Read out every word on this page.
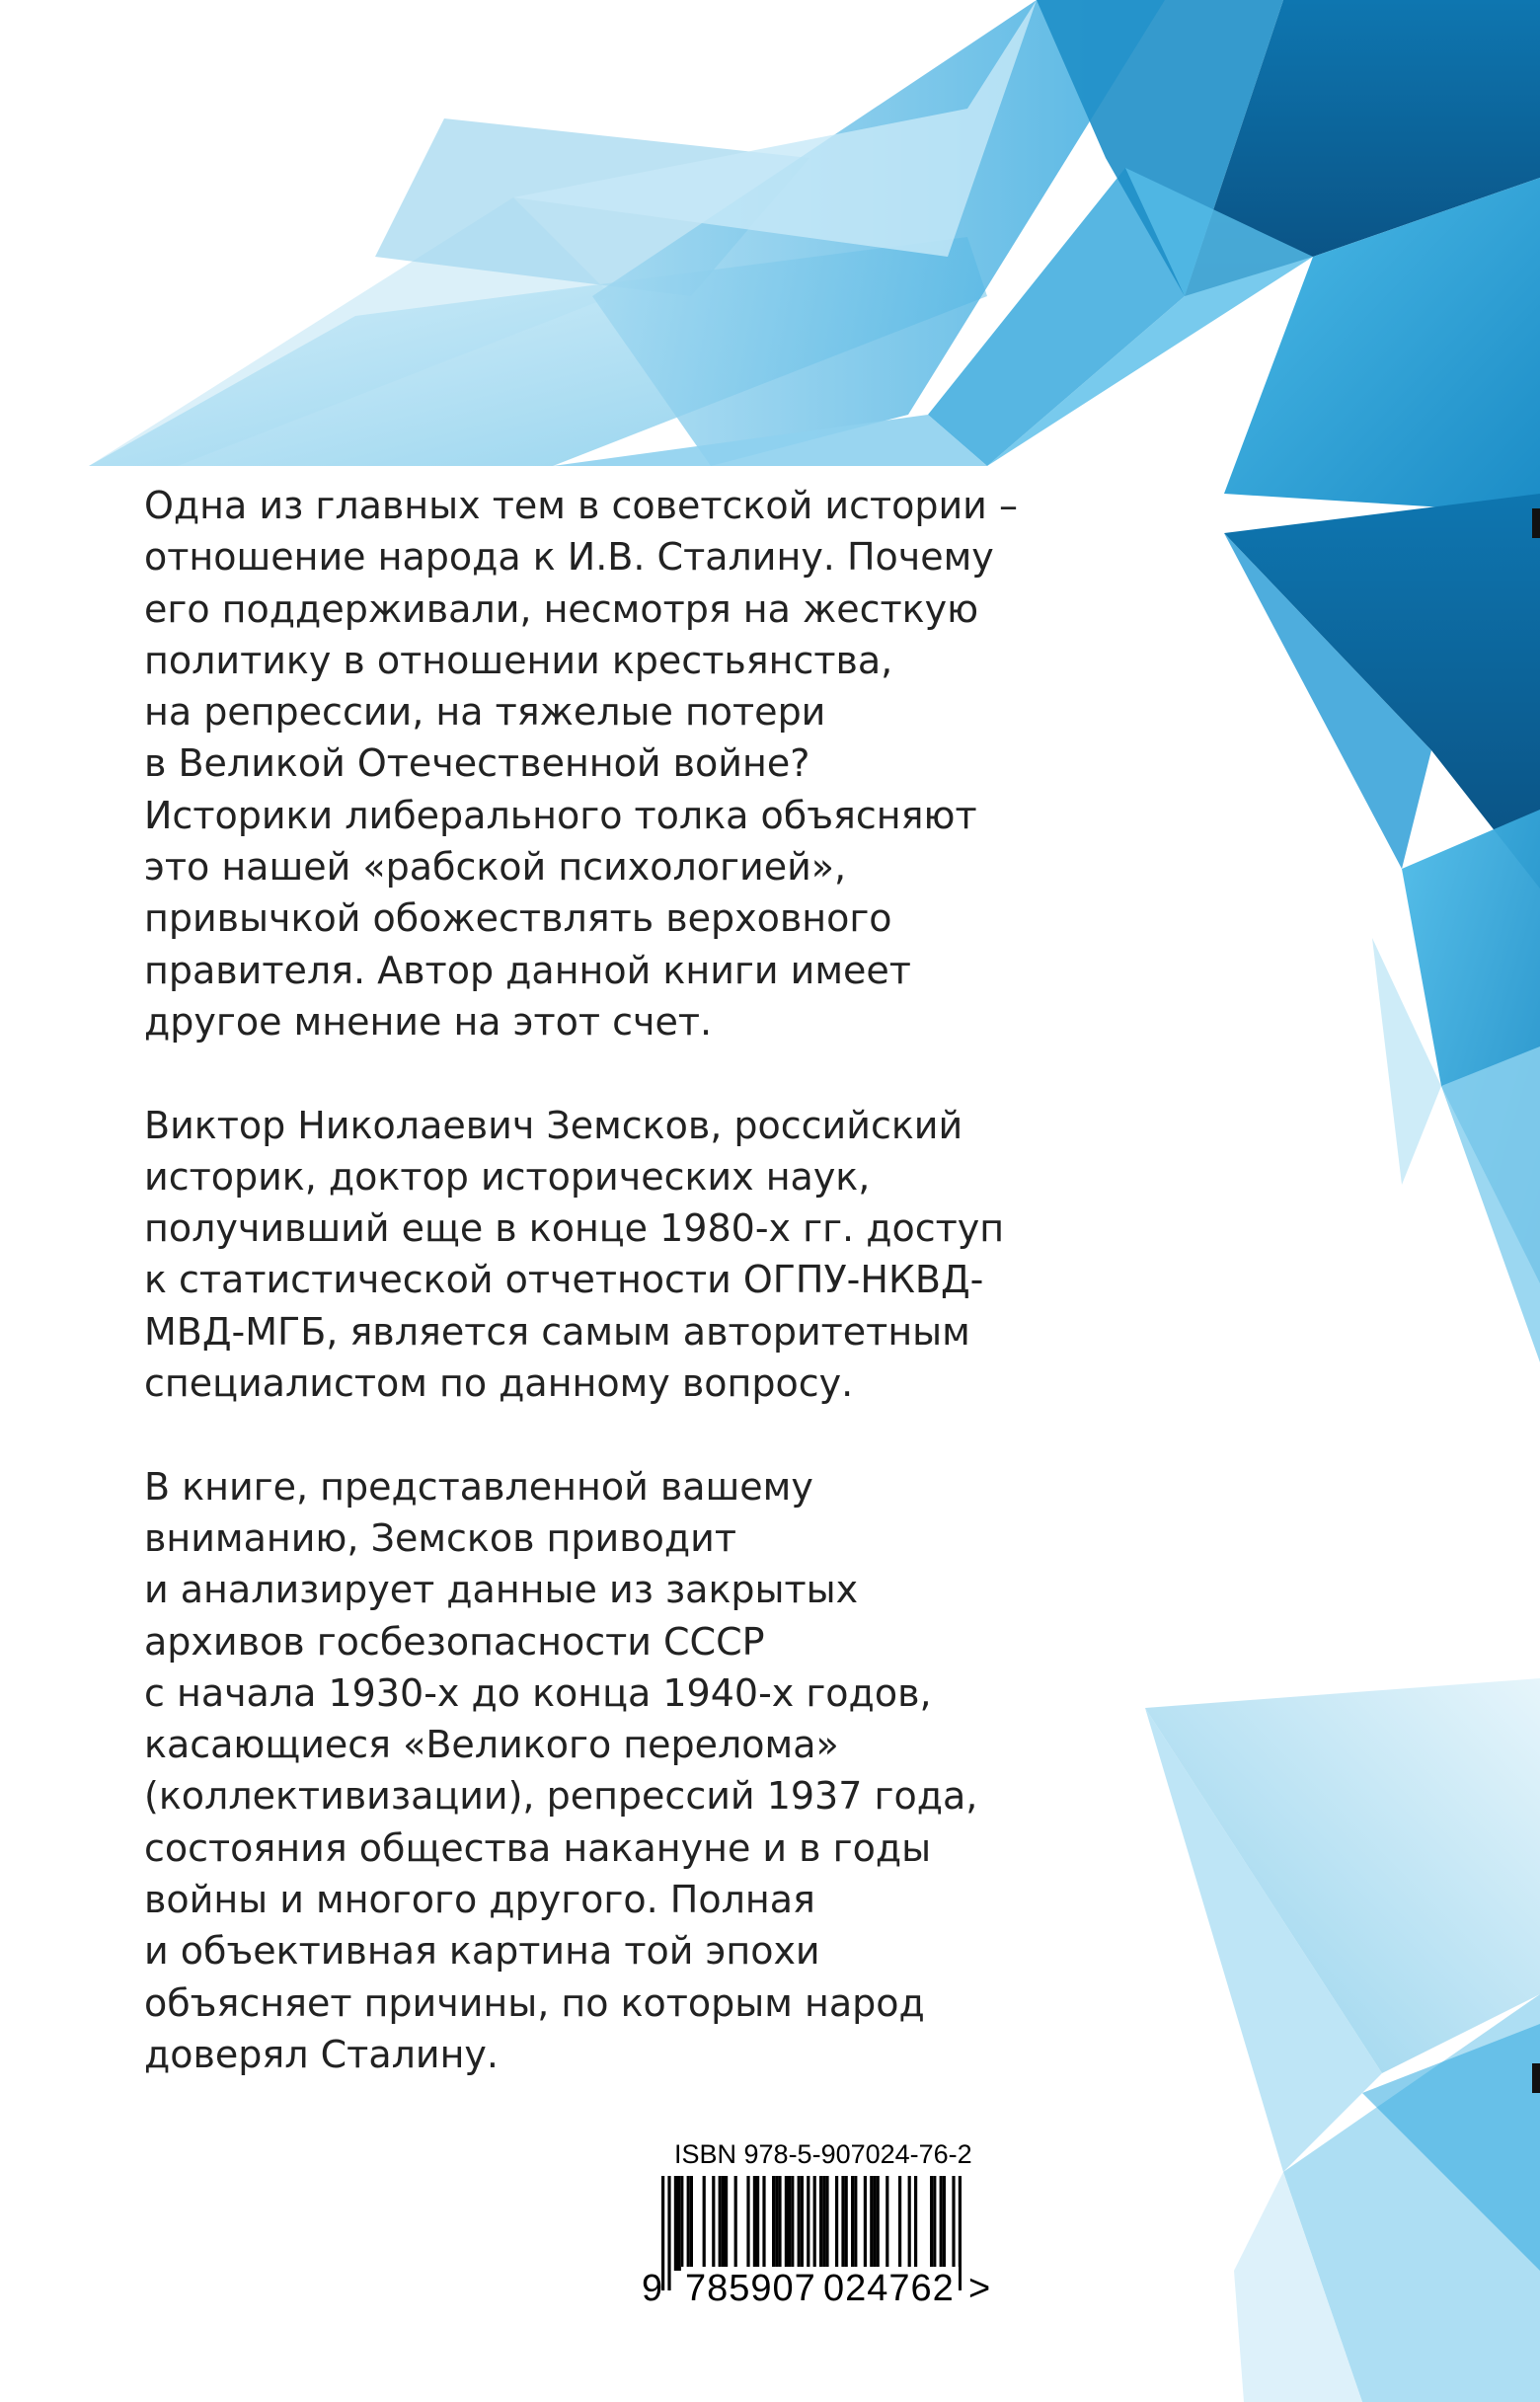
Одна из главных тем в советской истории –
отношение народа к И.В. Сталину. Почему
его поддерживали, несмотря на жесткую
политику в отношении крестьянства,
на репрессии, на тяжелые потери
в Великой Отечественной войне?
Историки либерального толка объясняют
это нашей «рабской психологией»,
привычкой обожествлять верховного
правителя. Автор данной книги имеет
другое мнение на этот счет.
Виктор Николаевич Земсков, российский
историк, доктор исторических наук,
получивший еще в конце 1980-х гг. доступ
к статистической отчетности ОГПУ-НКВД-
МВД-МГБ, является самым авторитетным
специалистом по данному вопросу.
В книге, представленной вашему
вниманию, Земсков приводит
и анализирует данные из закрытых
архивов госбезопасности СССР
с начала 1930-х до конца 1940-х годов,
касающиеся «Великого перелома»
(коллективизации), репрессий 1937 года,
состояния общества накануне и в годы
войны и многого другого. Полная
и объективная картина той эпохи
объясняет причины, по которым народ
доверял Сталину.
ISBN 978-5-907024-76-2
9 785907 024762 >
